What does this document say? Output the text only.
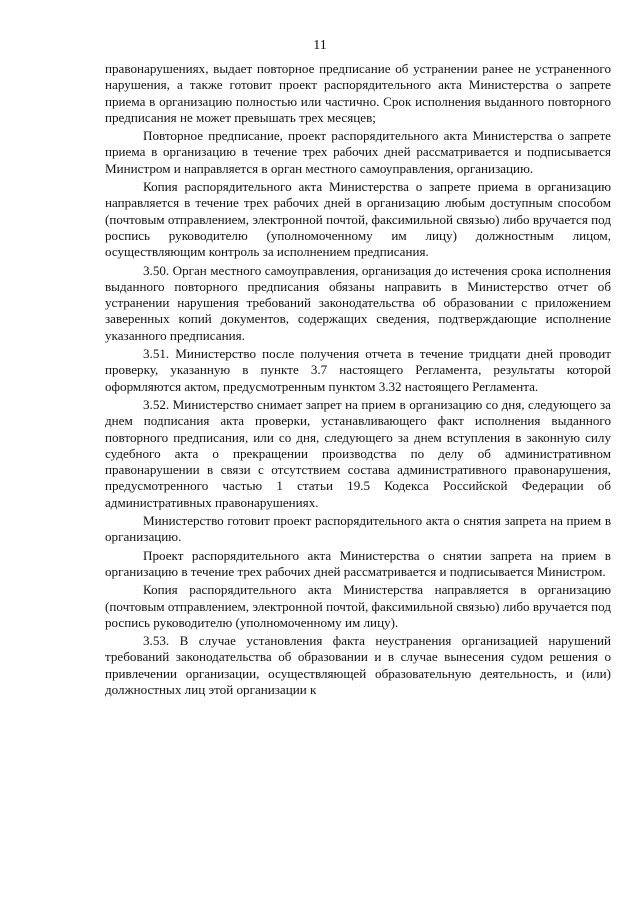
11

правонарушениях, выдает повторное предписание об устранении ранее не устраненного нарушения, а также готовит проект распорядительного акта Министерства о запрете приема в организацию полностью или частично. Срок исполнения выданного повторного предписания не может превышать трех месяцев;

Повторное предписание, проект распорядительного акта Министерства о запрете приема в организацию в течение трех рабочих дней рассматривается и подписывается Министром и направляется в орган местного самоуправления, организацию.

Копия распорядительного акта Министерства о запрете приема в организацию направляется в течение трех рабочих дней в организацию любым доступным способом (почтовым отправлением, электронной почтой, факсимильной связью) либо вручается под роспись руководителю (уполномоченному им лицу) должностным лицом, осуществляющим контроль за исполнением предписания.

3.50. Орган местного самоуправления, организация до истечения срока исполнения выданного повторного предписания обязаны направить в Министерство отчет об устранении нарушения требований законодательства об образовании с приложением заверенных копий документов, содержащих сведения, подтверждающие исполнение указанного предписания.

3.51. Министерство после получения отчета в течение тридцати дней проводит проверку, указанную в пункте 3.7 настоящего Регламента, результаты которой оформляются актом, предусмотренным пунктом 3.32 настоящего Регламента.

3.52. Министерство снимает запрет на прием в организацию со дня, следующего за днем подписания акта проверки, устанавливающего факт исполнения выданного повторного предписания, или со дня, следующего за днем вступления в законную силу судебного акта о прекращении производства по делу об административном правонарушении в связи с отсутствием состава административного правонарушения, предусмотренного частью 1 статьи 19.5 Кодекса Российской Федерации об административных правонарушениях.

Министерство готовит проект распорядительного акта о снятия запрета на прием в организацию.

Проект распорядительного акта Министерства о снятии запрета на прием в организацию в течение трех рабочих дней рассматривается и подписывается Министром.

Копия распорядительного акта Министерства направляется в организацию (почтовым отправлением, электронной почтой, факсимильной связью) либо вручается под роспись руководителю (уполномоченному им лицу).

3.53. В случае установления факта неустранения организацией нарушений требований законодательства об образовании и в случае вынесения судом решения о привлечении организации, осуществляющей образовательную деятельность, и (или) должностных лиц этой организации к
